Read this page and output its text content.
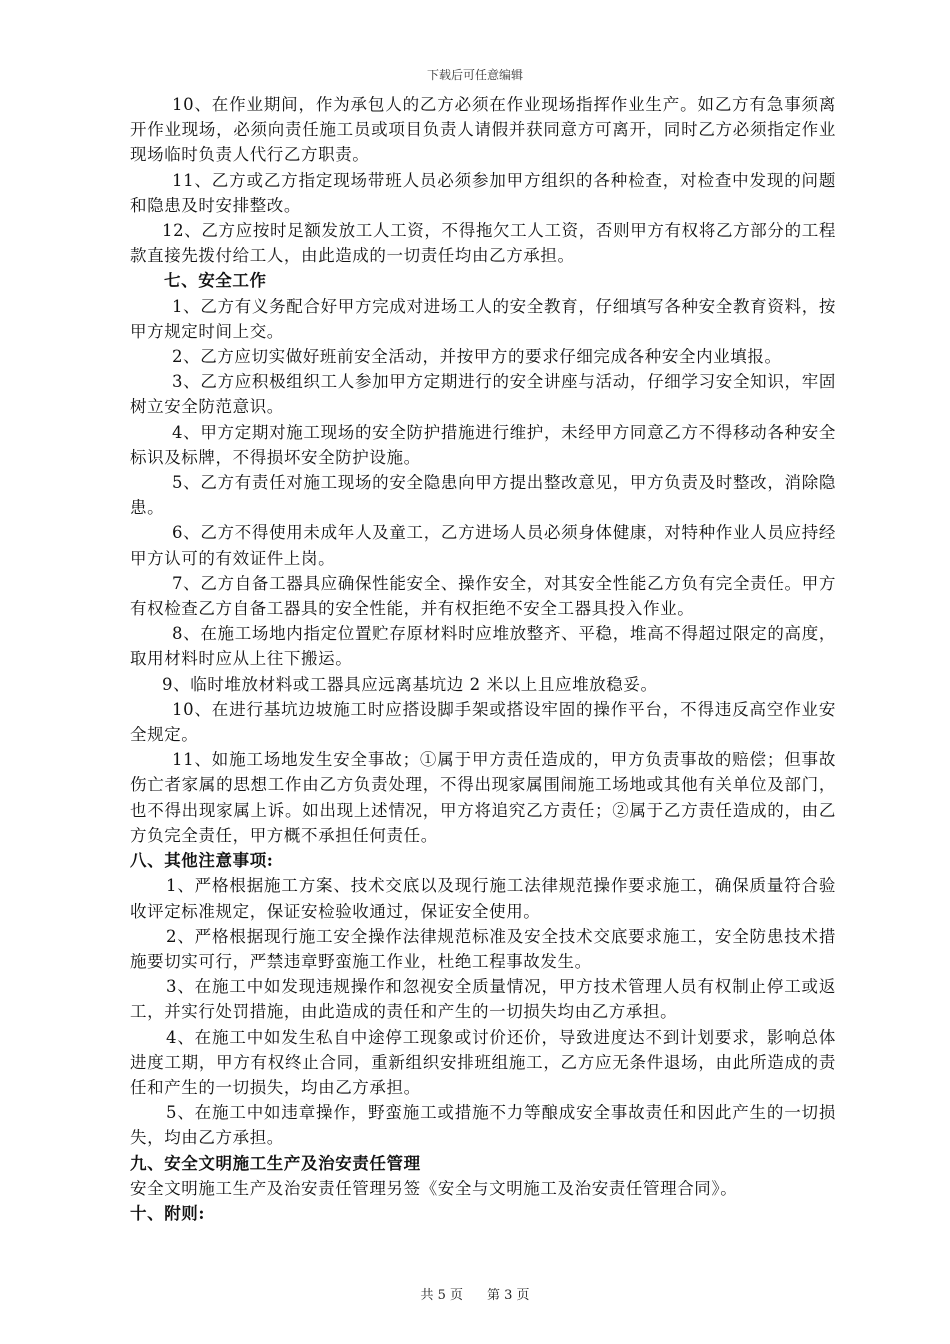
下载后可任意编辑

10、在作业期间，作为承包人的乙方必须在作业现场指挥作业生产。如乙方有急事须离开作业现场，必须向责任施工员或项目负责人请假并获同意方可离开，同时乙方必须指定作业现场临时负责人代行乙方职责。

11、乙方或乙方指定现场带班人员必须参加甲方组织的各种检查，对检查中发现的问题和隐患及时安排整改。

12、乙方应按时足额发放工人工资，不得拖欠工人工资，否则甲方有权将乙方部分的工程款直接先拨付给工人，由此造成的一切责任均由乙方承担。

七、安全工作

1、乙方有义务配合好甲方完成对进场工人的安全教育，仔细填写各种安全教育资料，按甲方规定时间上交。

2、乙方应切实做好班前安全活动，并按甲方的要求仔细完成各种安全内业填报。

3、乙方应积极组织工人参加甲方定期进行的安全讲座与活动，仔细学习安全知识，牢固树立安全防范意识。

4、甲方定期对施工现场的安全防护措施进行维护，未经甲方同意乙方不得移动各种安全标识及标牌，不得损坏安全防护设施。

5、乙方有责任对施工现场的安全隐患向甲方提出整改意见，甲方负责及时整改，消除隐患。

6、乙方不得使用未成年人及童工，乙方进场人员必须身体健康，对特种作业人员应持经甲方认可的有效证件上岗。

7、乙方自备工器具应确保性能安全、操作安全，对其安全性能乙方负有完全责任。甲方有权检查乙方自备工器具的安全性能，并有权拒绝不安全工器具投入作业。

8、在施工场地内指定位置贮存原材料时应堆放整齐、平稳，堆高不得超过限定的高度，取用材料时应从上往下搬运。

9、临时堆放材料或工器具应远离基坑边 2 米以上且应堆放稳妥。

10、在进行基坑边坡施工时应搭设脚手架或搭设牢固的操作平台，不得违反高空作业安全规定。

11、如施工场地发生安全事故；①属于甲方责任造成的，甲方负责事故的赔偿；但事故伤亡者家属的思想工作由乙方负责处理，不得出现家属围闹施工场地或其他有关单位及部门，也不得出现家属上诉。如出现上述情况，甲方将追究乙方责任；②属于乙方责任造成的，由乙方负完全责任，甲方概不承担任何责任。

八、其他注意事项:

1、严格根据施工方案、技术交底以及现行施工法律规范操作要求施工，确保质量符合验收评定标准规定，保证安检验收通过，保证安全使用。

2、严格根据现行施工安全操作法律规范标准及安全技术交底要求施工，安全防患技术措施要切实可行，严禁违章野蛮施工作业，杜绝工程事故发生。

3、在施工中如发现违规操作和忽视安全质量情况，甲方技术管理人员有权制止停工或返工，并实行处罚措施，由此造成的责任和产生的一切损失均由乙方承担。

4、在施工中如发生私自中途停工现象或讨价还价，导致进度达不到计划要求，影响总体进度工期，甲方有权终止合同，重新组织安排班组施工，乙方应无条件退场，由此所造成的责任和产生的一切损失，均由乙方承担。

5、在施工中如违章操作，野蛮施工或措施不力等酿成安全事故责任和因此产生的一切损失，均由乙方承担。

九、安全文明施工生产及治安责任管理

安全文明施工生产及治安责任管理另签《安全与文明施工及治安责任管理合同》。

十、附则:

共 5 页 第 3 页
